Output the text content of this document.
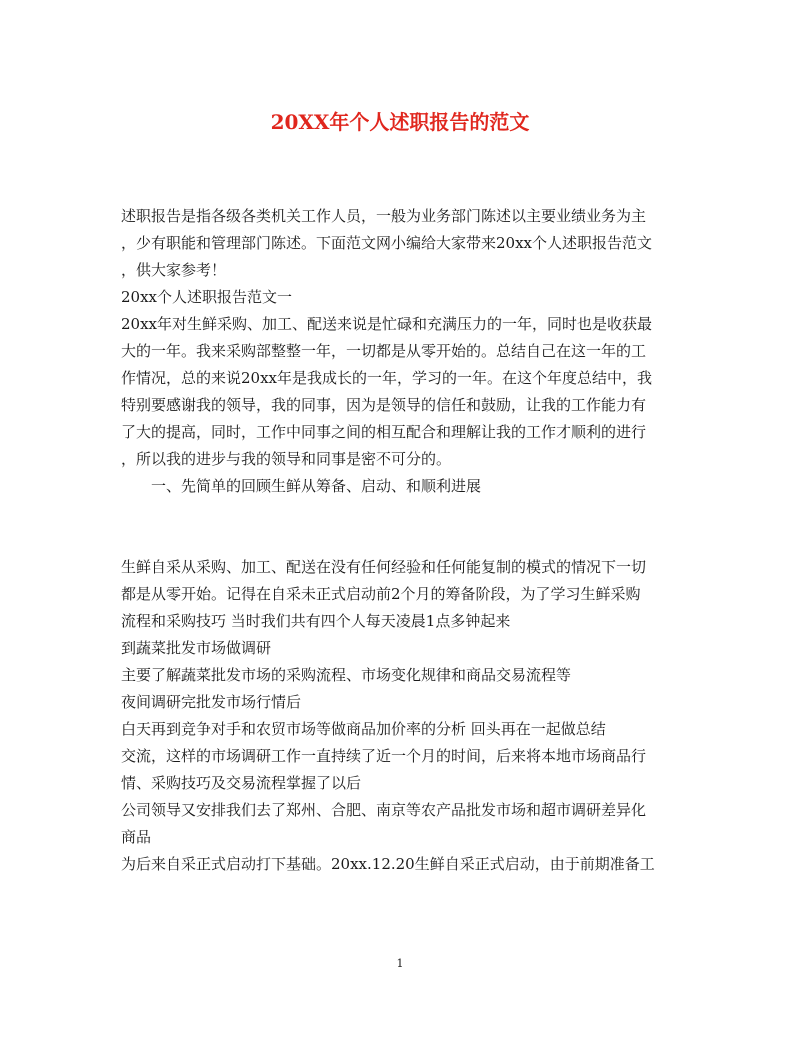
20XX年个人述职报告的范文
述职报告是指各级各类机关工作人员，一般为业务部门陈述以主要业绩业务为主
，少有职能和管理部门陈述。下面范文网小编给大家带来20xx个人述职报告范文
，供大家参考！
20xx个人述职报告范文一
20xx年对生鲜采购、加工、配送来说是忙碌和充满压力的一年，同时也是收获最
大的一年。我来采购部整整一年，一切都是从零开始的。总结自己在这一年的工
作情况，总的来说20xx年是我成长的一年，学习的一年。在这个年度总结中，我
特别要感谢我的领导，我的同事，因为是领导的信任和鼓励，让我的工作能力有
了大的提高，同时，工作中同事之间的相互配合和理解让我的工作才顺利的进行
，所以我的进步与我的领导和同事是密不可分的。
一、先简单的回顾生鲜从筹备、启动、和顺利进展
生鲜自采从采购、加工、配送在没有任何经验和任何能复制的模式的情况下一切
都是从零开始。记得在自采未正式启动前2个月的筹备阶段，为了学习生鲜采购
流程和采购技巧 当时我们共有四个人每天凌晨1点多钟起来
到蔬菜批发市场做调研
主要了解蔬菜批发市场的采购流程、市场变化规律和商品交易流程等
夜间调研完批发市场行情后
白天再到竞争对手和农贸市场等做商品加价率的分析 回头再在一起做总结
交流，这样的市场调研工作一直持续了近一个月的时间，后来将本地市场商品行
情、采购技巧及交易流程掌握了以后
公司领导又安排我们去了郑州、合肥、南京等农产品批发市场和超市调研差异化
商品
为后来自采正式启动打下基础。20xx.12.20生鲜自采正式启动，由于前期准备工
1
